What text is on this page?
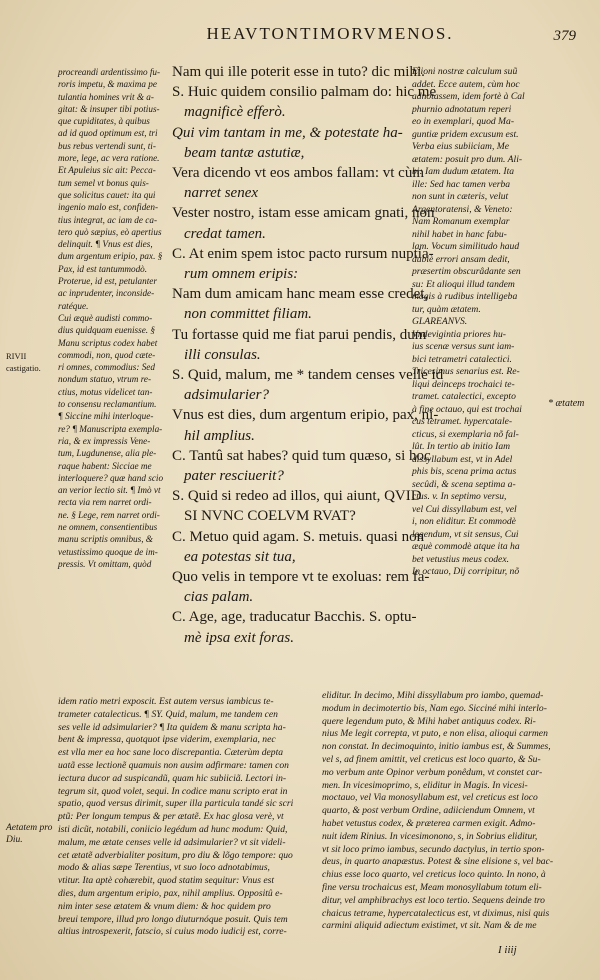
HEAVTONTIMORVMENOS.	379
procreandi ardentissimo fu-
roris impetu, & maxima pe
tulantia homines vrit & a-
gitat: & insuper tibi potius-
que cupiditates, à quibus
ad id quod optimum est, tri
bus rebus vertendi sunt, ti-
more, lege, ac vera ratione.
Et Apuleius sic ait: Pecca-
tum semel vt bonus quis-
que solicitus cauet: ita qui
ingenio malo est, confiden-
tius integrat, ac iam de ca-
tero quò sæpius, eò apertius
delinquit. ¶ Vnus est dies,
dum argentum eripio, pax. §
Pax, id est tantummodò.
Proterue, id est, petulanter
ac inprudenter, inconside-
ratéque.
Cui æquè audisti commo-
dius quidquam euenisse. §
Manu scriptus codex habet
commodi, non, quod cæte-
ri omnes, commodius: Sed
nondum statuo, vtrum re-
ctius, motus videlicet tan-
to consensu reclamantium.
¶ Siccine mihi interloque-
re? ¶ Manuscripta exempla-
ria, & ex impressis Vene-
tum, Lugdunense, alia ple-
raque habent: Sicciae me
interloquere? quæ hand scio
an verior lectio sit. ¶ Imò vt
recta via rem narret ordi-
ne. § Lege, rem narret ordi-
ne omnem, consentientibus
manu scriptis omnibus, &
vetustissimo quoque de im-
pressis. Vt omittam, quòd
Nam qui ille poterit esse in tuto? dic mihi.
S. Huic quidem consilio palmam do: hic me
magnificè efferò.
Qui vim tantam in me, & potestate ha-
beam tantæ astutiæ,
Vera dicendo vt eos ambos fallam: vt cùm
narret senex
Vester nostro, istam esse amicam gnati, non
credat tamen.
C. At enim spem istoc pacto rursum nuptia-
rum omnem eripis:
Nam dum amicam hanc meam esse credet,
non committet filiam.
Tu fortasse quid me fiat parui pendis, dum
illi consulas.
S. Quid, malum, me * tandem censes velle id
adsimularier?
Vnus est dies, dum argentum eripio, pax, ni-
hil amplius.
C. Tantû sat habes? quid tum quæso, si hoc
pater resciuerit?
S. Quid si redeo ad illos, qui aiunt, QVID
SI NVNC COELVM RVAT?
C. Metuo quid agam. S. metuis. quasi non
ea potestas sit tua,
Quo velis in tempore vt te exoluas: rem fa-
cias palam.
C. Age, age, traducatur Bacchis. S. optu-
mè ipsa exit foras.
Elioni nostræ calculum suũ
addet. Ecce autem, cùm hoc
adnotassem, idem fortè à Cal
phurnio adnotatum reperi
eo in exemplari, quod Ma-
guntiæ pridem excusum est.
Verba eius subiiciam, Me
ætatem: posuit pro dum. Ali-
bi: Iam dudum ætatem. Ita
ille: Sed hac tamen verba
non sunt in cæteris, velut
Argentoratensi, & Veneto:
Nam Romanum exemplar
nihil habet in hanc fabu-
lam. Vocum similitudo haud
dubiè errori ansam dedit,
præsertim obscurâdante sen
su: Et alioqui illud tandem
magis à rudibus intelligeba
tur, quàm ætatem.
GLAREANVS.
Vndevigintia priores hu-
ius scenæ versus sunt iam-
bici tetrametri catalectici.
Tricesimus senarius est. Re-
liqui deinceps trochaici te-
tramet. catalectici, excepto
à fine octauo, qui est trochai
cus tetramet. hypercatale-
cticus, si exemplaria nõ fal-
lût. In tertio ab initio Iam
dissyllabum est, vt in Adel
phis bis, scena prima actus
secûdi, & scena septima a-
ctus. v. In septimo versu,
vel Cui dissyllabum est, vel
i, non eliditur. Et commodè
legendum, vt sit sensus, Cui
æquè commodè atque ita ha
bet vetustius meus codex.
In octauo, Dij corripitur, nõ
idem ratio metri exposcit. Est autem versus iambicus te-
trameter catalecticus. ¶ SY. Quid, malum, me tandem cen
ses velle id adsimularier? ¶ Ita quidem & manu scripta ha-
bent & impressa, quotquot ipse viderim, exemplaria, nec
est vlla mer ea hoc sane loco discrepantia. Cæterùm depta
uatã esse lectionẽ quamuis non ausim adfirmare: tamen con
iectura ducor ad suspicandũ, quam hic subiiciã. Lectori in-
tegrum sit, quod volet, sequi. In codice manu scripto erat in
spatio, quod versus dirimit, super illa particula tandé sic scri
ptũ: Per longum tempus & per ætatẽ. Ex hac glosa verè, vt
isti dicũt, notabili, coniicio legédum ad hunc modum: Quid,
malum, me ætate censes velle id adsimularier? vt sit videli-
cet ætatẽ adverbialiter positum, pro diu & lõgo tempore: quo
modo & alias sæpe Terentius, vt suo loco adnotabimus,
vtitur. Ita aptè cohærebit, quod statim sequitur: Vnus est
dies, dum argentum eripio, pax, nihil amplius. Oppositû e-
nim inter sese ætatem & vnum diem: & hoc quidem pro
breui tempore, illud pro longo diuturnóque posuit. Quis tem
altius introspexerit, fatscio, si cuius modo iudicij est, corre-
eliditur. In decimo, Mihi dissyllabum pro iambo, quemad-
modum in decimotertio bis, Nam ego. Sicciné mihi interlo-
quere legendum puto, & Mihi habet antiquus codex. Ri-
nius Me legit correpta, vt puto, e non elisa, alioqui carmen
non constat. In decimoquinto, initio iambus est, & Summes,
vel s, ad finem amittit, vel creticus est loco quarto, & Su-
mo verbum ante Opinor verbum ponêdum, vt constet car-
men. In vicesimoprimo, s, eliditur in Magis. In vicesi-
moctauo, vel Via monosyllabum est, vel creticus est loco
quarto, & post verbum Ordine, adiiciendum Omnem, vt
habet vetustus codex, & præterea carmen exigit. Admo-
nuit idem Rinius. In vicesimonono, s, in Sobrius eliditur,
vt sit loco primo iambus, secundo dactylus, in tertio spon-
deus, in quarto anapæstus. Potest & sine elisione s, vel bac-
chius esse loco quarto, vel creticus loco quinto. In nono, à
fine versu trochaicus est, Meam monosyllabum totum eli-
ditur, vel amphibrachys est loco tertio. Sequens deinde tro
chaicus tetrame, hypercatalecticus est, vt diximus, nisi quis
carmini aliquid adiectum existimet, vt sit. Nam & de me
RIVII castigatio.
Aetatem pro Diu.
* ætatem
I iiij
